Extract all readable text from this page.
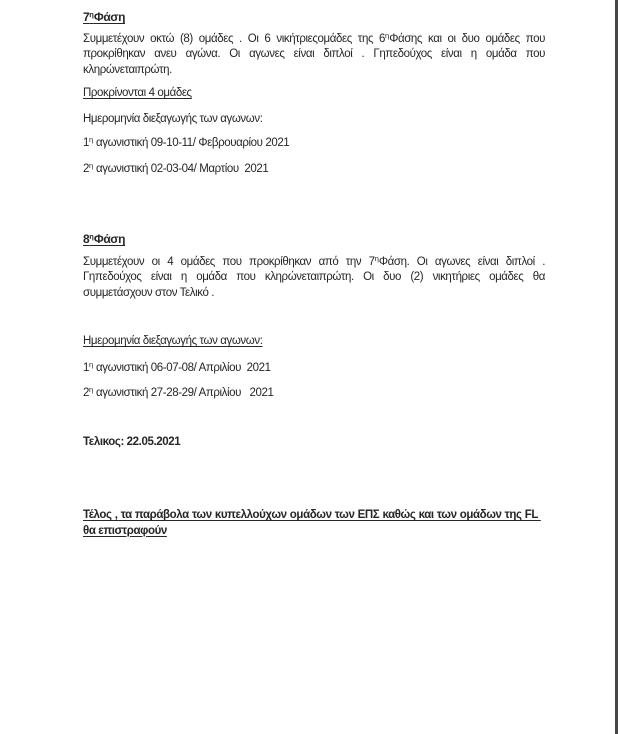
$7^\eta\Phi ά\sigma\eta$
Συμμετέχουν οκτώ (8) ομάδες . Οι 6 νικήτριεςομάδες της $6^\eta\Phi ά\sigma\eta\varsigma$ και οι δυο ομάδες που προκρίθηκαν ανευ αγώνα. Οι αγωνες είναι διπλοί . Γηπεδούχος είναι η ομάδα που κληρώνεταιπρώτη.
Προκρίνονται 4 ομάδες
Ημερομηνία διεξαγωγής των αγωνων:
$1^\eta$ αγωνιστική 09-10-11/ Φεβρουαρίου 2021
$2^\eta$ αγωνιστική 02-03-04/ Μαρτίου  2021
$8^\eta\Phi ά\sigma\eta$
Συμμετέχουν οι 4 ομάδες που προκρίθηκαν από την $7^\eta\Phi ά\sigma\eta$. Οι αγωνες είναι διπλοί . Γηπεδούχος είναι η ομάδα που κληρώνεταιπρώτη. Οι δυο (2) νικητήριες ομάδες θα συμμετάσχουν στον Τελικό .
Ημερομηνία διεξαγωγής των αγωνων:
$1^\eta$ αγωνιστική 06-07-08/ Απριλίου  2021
$2^\eta$ αγωνιστική 27-28-29/ Απριλίου   2021
Τελικος: 22.05.2021
Τέλος , τα παράβολα των κυπελλούχων ομάδων των ΕΠΣ καθώς και των ομάδων της FL θα επιστραφούν
